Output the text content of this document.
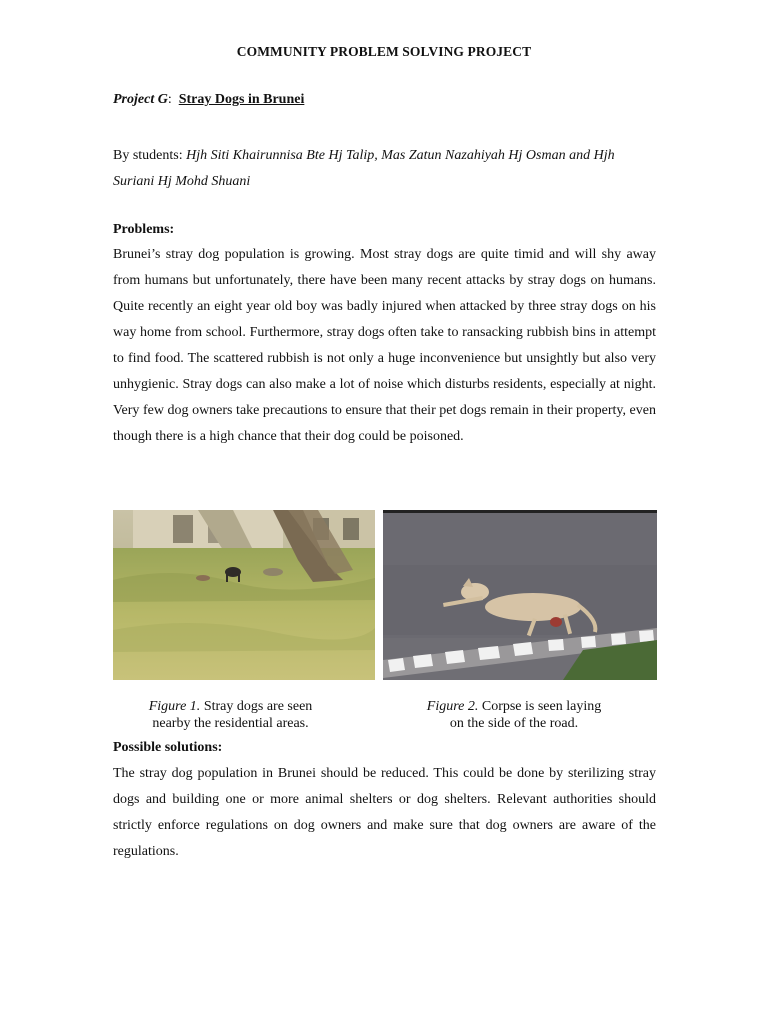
COMMUNITY PROBLEM SOLVING PROJECT
Project G:  Stray Dogs in Brunei
By students: Hjh Siti Khairunnisa Bte Hj Talip, Mas Zatun Nazahiyah Hj Osman and Hjh Suriani Hj Mohd Shuani
Problems:
Brunei’s stray dog population is growing. Most stray dogs are quite timid and will shy away from humans but unfortunately, there have been many recent attacks by stray dogs on humans. Quite recently an eight year old boy was badly injured when attacked by three stray dogs on his way home from school. Furthermore, stray dogs often take to ransacking rubbish bins in attempt to find food. The scattered rubbish is not only a huge inconvenience but unsightly but also very unhygienic. Stray dogs can also make a lot of noise which disturbs residents, especially at night. Very few dog owners take precautions to ensure that their pet dogs remain in their property, even though there is a high chance that their dog could be poisoned.
Figure 1. Stray dogs are seen
nearby the residential areas.
Figure 2. Corpse is seen laying
on the side of the road.
Possible solutions:
The stray dog population in Brunei should be reduced. This could be done by sterilizing stray dogs and building one or more animal shelters or dog shelters. Relevant authorities should strictly enforce regulations on dog owners and make sure that dog owners are aware of the regulations.
